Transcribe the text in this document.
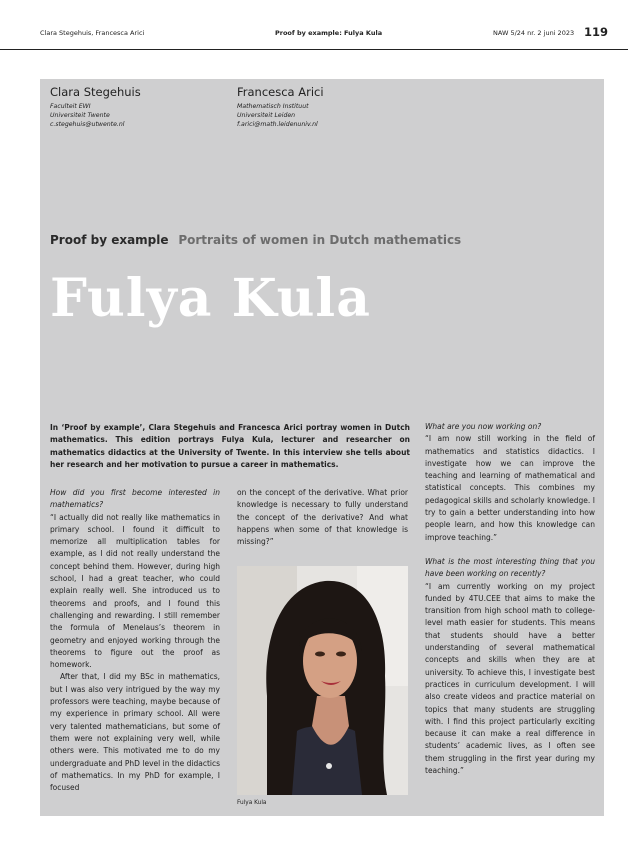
Clara Stegehuis, Francesca Arici	Proof by example: Fulya Kula	NAW 5/24 nr. 2 juni 2023 119
Clara Stegehuis
Faculteit EWI
Universiteit Twente
c.stegehuis@utwente.nl
Francesca Arici
Mathematisch Instituut
Universiteit Leiden
f.arici@math.leidenuniv.nl
Proof by example Portraits of women in Dutch mathematics
Fulya Kula
In ‘Proof by example’, Clara Stegehuis and Francesca Arici portray women in Dutch mathematics. This edition portrays Fulya Kula, lecturer and researcher on mathematics didactics at the University of Twente. In this interview she tells about her research and her motivation to pursue a career in mathematics.

How did you first become interested in mathematics?

“I actually did not really like mathematics in primary school. I found it difficult to memorize all multiplication tables for example, as I did not really understand the concept behind them. However, during high school, I had a great teacher, who could explain really well. She introduced us to theorems and proofs, and I found this challenging and rewarding. I still remember the formula of Menelaus’s theorem in geometry and enjoyed working through the theorems to figure out the proof as homework.

After that, I did my BSc in mathematics, but I was also very intrigued by the way my professors were teaching, maybe because of my experience in primary school. All were very talented mathematicians, but some of them were not explaining very well, while others were. This motivated me to do my undergraduate and PhD level in the didactics of mathematics. In my PhD for example, I focused

on the concept of the derivative. What prior knowledge is necessary to fully understand the concept of the derivative? And what happens when some of that knowledge is missing?”

Fulya Kula

What are you now working on?

“I am now still working in the field of mathematics and statistics didactics. I investigate how we can improve the teaching and learning of mathematical and statistical concepts. This combines my pedagogical skills and scholarly knowledge. I try to gain a better understanding into how people learn, and how this knowledge can improve teaching.”

What is the most interesting thing that you have been working on recently?

“I am currently working on my project funded by 4TU.CEE that aims to make the transition from high school math to college-level math easier for students. This means that students should have a better understanding of several mathematical concepts and skills when they are at university. To achieve this, I investigate best practices in curriculum development. I will also create videos and practice material on topics that many students are struggling with. I find this project particularly exciting because it can make a real difference in students’ academic lives, as I often see them struggling in the first year during my teaching.”
